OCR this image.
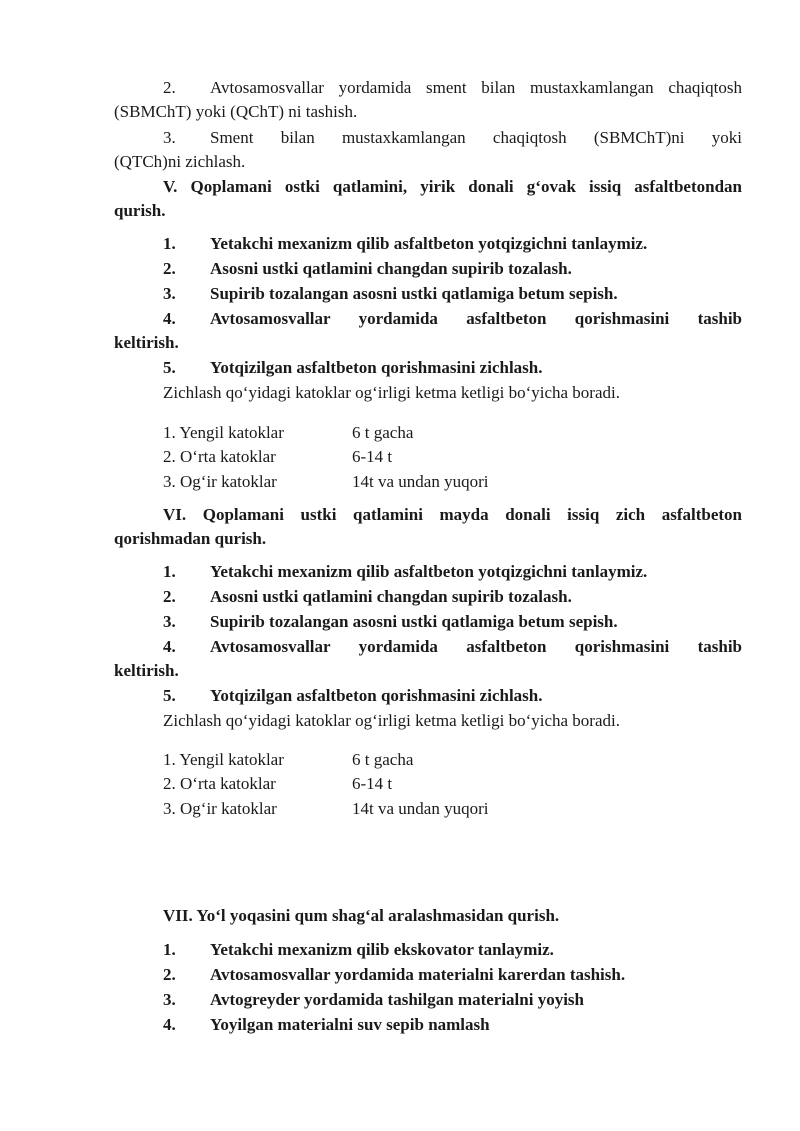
2. Avtosamosvallar yordamida sment bilan mustaxkamlangan chaqiqtosh
(SBMChT) yoki (QChT) ni tashish.
3. Sment bilan mustaxkamlangan chaqiqtosh (SBMChT)ni yoki
(QTCh)ni zichlash.
V. Qoplamani ostki qatlamini, yirik donali g‘ovak issiq asfaltbetondan
qurish.
1. Yetakchi mexanizm qilib asfaltbeton yotqizgichni tanlaymiz.
2. Asosni ustki qatlamini changdan supirib tozalash.
3. Supirib tozalangan asosni ustki qatlamiga betum sepish.
4. Avtosamosvallar yordamida asfaltbeton qorishmasini tashib
keltirish.
5. Yotqizilgan asfaltbeton qorishmasini zichlash.
Zichlash qo‘yidagi katoklar og‘irligi ketma ketligi bo‘yicha boradi.
1. Yengil katoklar	6 t gacha
2. O‘rta katoklar	6-14 t
3. Og‘ir katoklar	14t va undan yuqori
VI. Qoplamani ustki qatlamini mayda donali issiq zich asfaltbeton
qorishmadan qurish.
1. Yetakchi mexanizm qilib asfaltbeton yotqizgichni tanlaymiz.
2. Asosni ustki qatlamini changdan supirib tozalash.
3. Supirib tozalangan asosni ustki qatlamiga betum sepish.
4. Avtosamosvallar yordamida asfaltbeton qorishmasini tashib
keltirish.
5. Yotqizilgan asfaltbeton qorishmasini zichlash.
Zichlash qo‘yidagi katoklar og‘irligi ketma ketligi bo‘yicha boradi.
1. Yengil katoklar	6 t gacha
2. O‘rta katoklar	6-14 t
3. Og‘ir katoklar	14t va undan yuqori
VII. Yo‘l yoqasini qum shag‘al aralashmasidan qurish.
1. Yetakchi mexanizm qilib ekskovator tanlaymiz.
2. Avtosamosvallar yordamida materialni karerdan tashish.
3. Avtogreyder yordamida tashilgan materialni yoyish
4. Yoyilgan materialni suv sepib namlash
